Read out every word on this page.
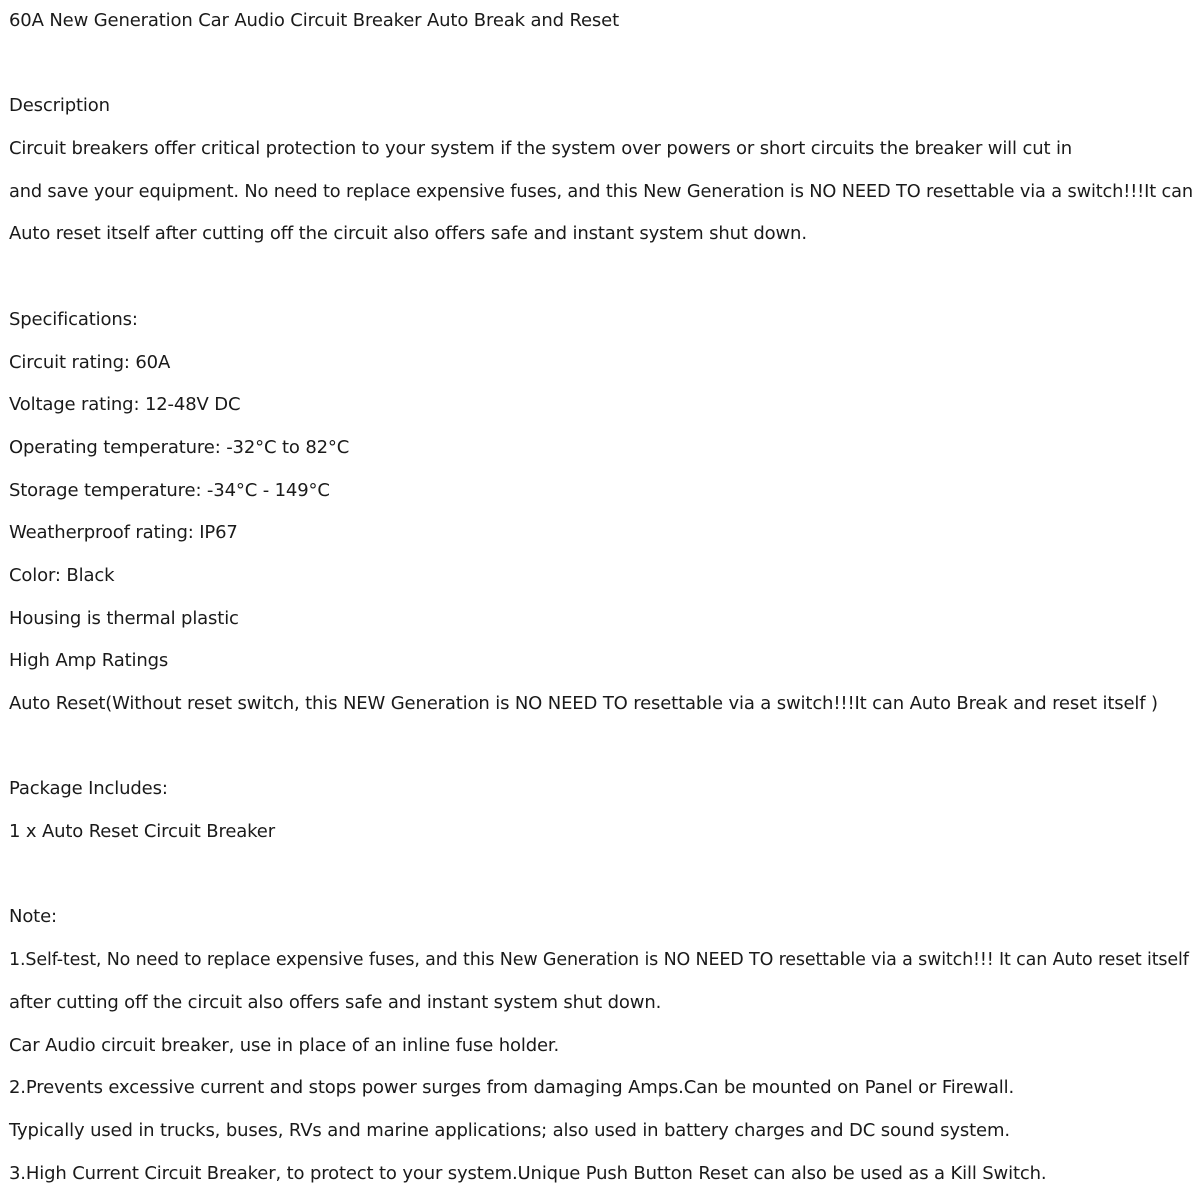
60A New Generation Car Audio Circuit Breaker Auto Break and Reset
Description
Circuit breakers offer critical protection to your system if the system over powers or short circuits the breaker will cut in
and save your equipment. No need to replace expensive fuses, and this New Generation is NO NEED TO resettable via a switch!!!It can
Auto reset itself after cutting off the circuit also offers safe and instant system shut down.
Specifications:
Circuit rating: 60A
Voltage rating: 12-48V DC
Operating temperature: -32°C to 82°C
Storage temperature: -34°C - 149°C
Weatherproof rating: IP67
Color: Black
Housing is thermal plastic
High Amp Ratings
Auto Reset(Without reset switch, this NEW Generation is NO NEED TO resettable via a switch!!!It can Auto Break and reset itself )
Package Includes:
1 x Auto Reset Circuit Breaker
Note:
1.Self-test, No need to replace expensive fuses, and this New Generation is NO NEED TO resettable via a switch!!! It can Auto reset itself
after cutting off the circuit also offers safe and instant system shut down.
Car Audio circuit breaker, use in place of an inline fuse holder.
2.Prevents excessive current and stops power surges from damaging Amps.Can be mounted on Panel or Firewall.
Typically used in trucks, buses, RVs and marine applications; also used in battery charges and DC sound system.
3.High Current Circuit Breaker, to protect to your system.Unique Push Button Reset can also be used as a Kill Switch.
